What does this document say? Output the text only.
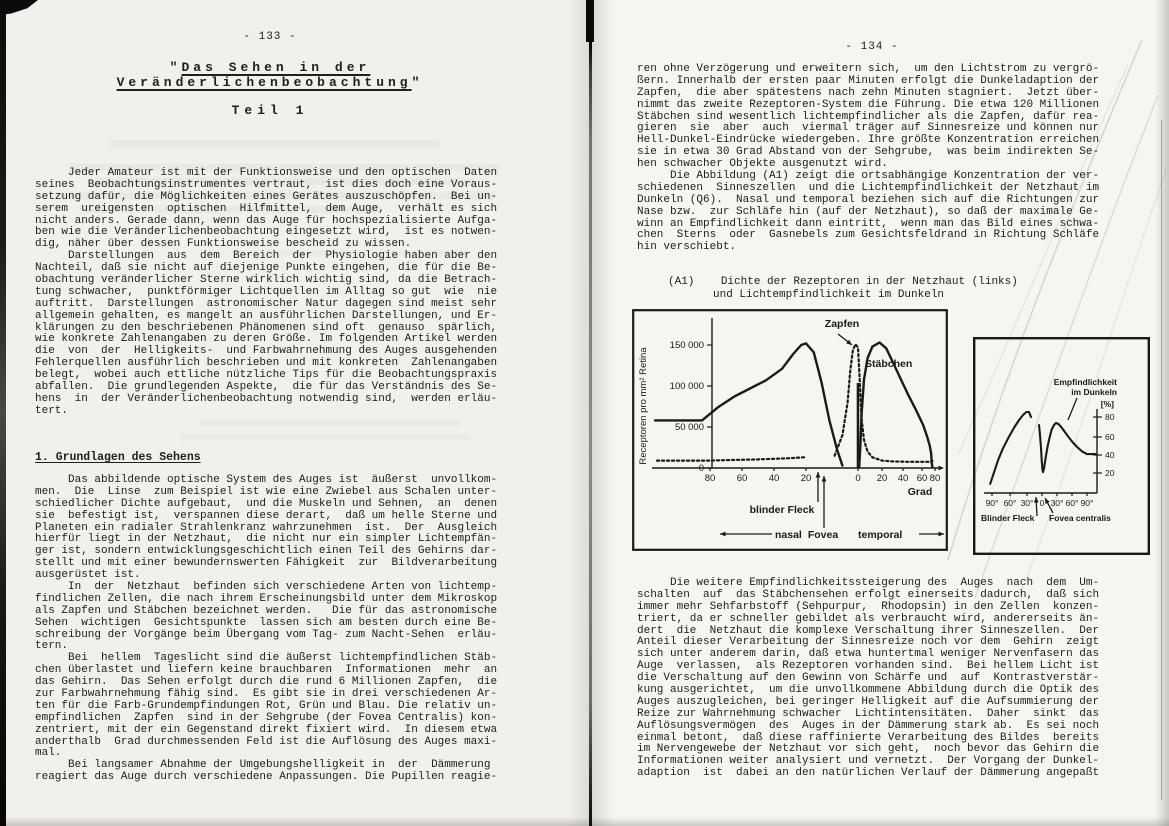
- 133 -
"Das Sehen in der
Veränderlichenbeobachtung"
Teil 1
Jeder Amateur ist mit der Funktionsweise und den optischen  Daten
seines  Beobachtungsinstrumentes vertraut,  ist dies doch eine Voraus-
setzung dafür, die Möglichkeiten eines Gerätes auszuschöpfen.  Bei un-
serem  ureigensten  optischen  Hilfmittel,  dem Auge,  verhält es sich
nicht anders. Gerade dann, wenn das Auge für hochspezialisierte Aufga-
ben wie die Veränderlichenbeobachtung eingesetzt wird,  ist es notwen-
dig, näher über dessen Funktionsweise bescheid zu wissen.
Darstellungen  aus  dem  Bereich  der  Physiologie haben aber den
Nachteil, daß sie nicht auf diejenige Punkte eingehen, die für die Be-
obachtung veränderlicher Sterne wirklich wichtig sind, da die Betrach-
tung schwacher,  punktförmiger Lichtquellen im Alltag so gut  wie  nie
auftritt.  Darstellungen  astronomischer Natur dagegen sind meist sehr
allgemein gehalten, es mangelt an ausführlichen Darstellungen, und Er-
klärungen zu den beschriebenen Phänomenen sind oft  genauso  spärlich,
wie konkrete Zahlenangaben zu deren Größe. Im folgenden Artikel werden
die  von  der  Helligkeits-  und Farbwahrnehmung des Auges ausgehenden
Fehlerquellen ausführlich beschrieben und mit konkreten  Zahlenangaben
belegt,  wobei auch ettliche nützliche Tips für die Beobachtungspraxis
abfallen.  Die grundlegenden Aspekte,  die für das Verständnis des Se-
hens  in  der Veränderlichenbeobachtung notwendig sind,  werden erläu-
tert.
1. Grundlagen des Sehens
Das abbildende optische System des Auges ist  äußerst  unvollkom-
men.  Die  Linse  zum Beispiel ist wie eine Zwiebel aus Schalen unter-
schiedlicher Dichte aufgebaut,  und die Muskeln und Sehnen,  an  denen
sie  befestigt ist,  verspannen diese derart,  daß um helle Sterne und
Planeten ein radialer Strahlenkranz wahrzunehmen  ist.  Der  Ausgleich
hierfür liegt in der Netzhaut,  die nicht nur ein simpler Lichtempfän-
ger ist, sondern entwicklungsgeschichtlich einen Teil des Gehirns dar-
stellt und mit einer bewundernswerten Fähigkeit  zur  Bildverarbeitung
ausgerüstet ist.
In  der  Netzhaut  befinden sich verschiedene Arten von lichtemp-
findlichen Zellen, die nach ihrem Erscheinungsbild unter dem Mikroskop
als Zapfen und Stäbchen bezeichnet werden.   Die für das astronomische
Sehen  wichtigen  Gesichtspunkte  lassen sich am besten durch eine Be-
schreibung der Vorgänge beim Übergang vom Tag- zum Nacht-Sehen  erläu-
tern.
Bei  hellem  Tageslicht sind die äußerst lichtempfindlichen Stäb-
chen überlastet und liefern keine brauchbaren  Informationen  mehr  an
das Gehirn.  Das Sehen erfolgt durch die rund 6 Millionen Zapfen,  die
zur Farbwahrnehmung fähig sind.  Es gibt sie in drei verschiedenen Ar-
ten für die Farb-Grundempfindungen Rot, Grün und Blau. Die relativ un-
empfindlichen  Zapfen  sind in der Sehgrube (der Fovea Centralis) kon-
zentriert, mit der ein Gegenstand direkt fixiert wird.  In diesem etwa
anderthalb  Grad durchmessenden Feld ist die Auflösung des Auges maxi-
mal.
Bei langsamer Abnahme der Umgebungshelligkeit in  der  Dämmerung
reagiert das Auge durch verschiedene Anpassungen. Die Pupillen reagie-
- 134 -
ren ohne Verzögerung und erweitern sich,  um den Lichtstrom zu vergrö-
ßern. Innerhalb der ersten paar Minuten erfolgt die Dunkeladaption der
Zapfen,  die aber spätestens nach zehn Minuten stagniert.  Jetzt über-
nimmt das zweite Rezeptoren-System die Führung. Die etwa 120 Millionen
Stäbchen sind wesentlich lichtempfindlicher als die Zapfen, dafür rea-
gieren  sie  aber  auch  viermal träger auf Sinnesreize und können nur
Hell-Dunkel-Eindrücke wiedergeben. Ihre größte Konzentration erreichen
sie in etwa 30 Grad Abstand von der Sehgrube,  was beim indirekten Se-
hen schwacher Objekte ausgenutzt wird.
Die Abbildung (A1) zeigt die ortsabhängige Konzentration der ver-
schiedenen  Sinneszellen  und die Lichtempfindlichkeit der Netzhaut im
Dunkeln (Q6).  Nasal und temporal beziehen sich auf die Richtungen zur
Nase bzw.  zur Schläfe hin (auf der Netzhaut), so daß der maximale Ge-
winn an Empfindlichkeit dann eintritt,  wenn man das Bild eines schwa-
chen  Sterns  oder  Gasnebels zum Gesichtsfeldrand in Richtung Schläfe
hin verschiebt.
(A1) Dichte der Rezeptoren in der Netzhaut (links)
und Lichtempfindlichkeit im Dunkeln
80 60 40 20	0 20 40 60 80
0
50 000
100 000
150 000
Zapfen
Stäbchen
Receptoren pro mm² Retina
blinder Fleck
Grad
nasal Fovea temporal
90° 60° 30° 0 30° 60° 90°
20
40
60
80
Empfindlichkeit
im Dunkeln
[%]
Blinder Fleck Fovea centralis
Die weitere Empfindlichkeitssteigerung des  Auges  nach  dem  Um-
schalten  auf  das Stäbchensehen erfolgt einerseits dadurch,  daß sich
immer mehr Sehfarbstoff (Sehpurpur,  Rhodopsin) in den Zellen  konzen-
triert, da er schneller gebildet als verbraucht wird, andererseits än-
dert  die  Netzhaut die komplexe Verschaltung ihrer Sinneszellen.  Der
Anteil dieser Verarbeitung der Sinnesreize noch vor dem  Gehirn  zeigt
sich unter anderem darin, daß etwa huntertmal weniger Nervenfasern das
Auge  verlassen,  als Rezeptoren vorhanden sind.  Bei hellem Licht ist
die Verschaltung auf den Gewinn von Schärfe und  auf  Kontrastverstär-
kung ausgerichtet,  um die unvollkommene Abbildung durch die Optik des
Auges auszugleichen, bei geringer Helligkeit auf die Aufsummierung der
Reize zur Wahrnehmung schwacher  Lichtintensitäten.  Daher  sinkt  das
Auflösungsvermögen  des  Auges in der Dämmerung stark ab.  Es sei noch
einmal betont,  daß diese raffinierte Verarbeitung des Bildes  bereits
im Nervengewebe der Netzhaut vor sich geht,  noch bevor das Gehirn die
Informationen weiter analysiert und vernetzt.  Der Vorgang der Dunkel-
adaption  ist  dabei an den natürlichen Verlauf der Dämmerung angepaßt
